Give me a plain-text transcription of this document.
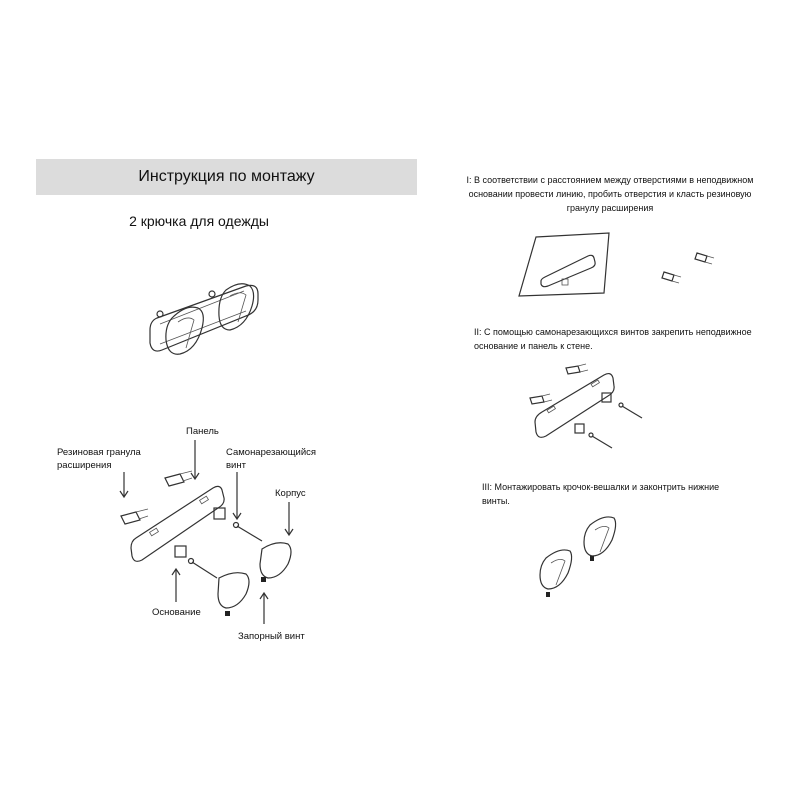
Инструкция по монтажу
2 крючка для одежды
Резиновая гранула расширения
Панель
Самонарезающийся винт
Корпус
Основание
Запорный винт
I: В соответствии с расстоянием между отверстиями в неподвижном основании провести линию, пробить отверстия и класть резиновую гранулу расширения
II: С помощью самонарезающихся винтов закрепить неподвижное основание и панель к стене.
III: Монтажировать крочок-вешалки и законтрить нижние винты.
